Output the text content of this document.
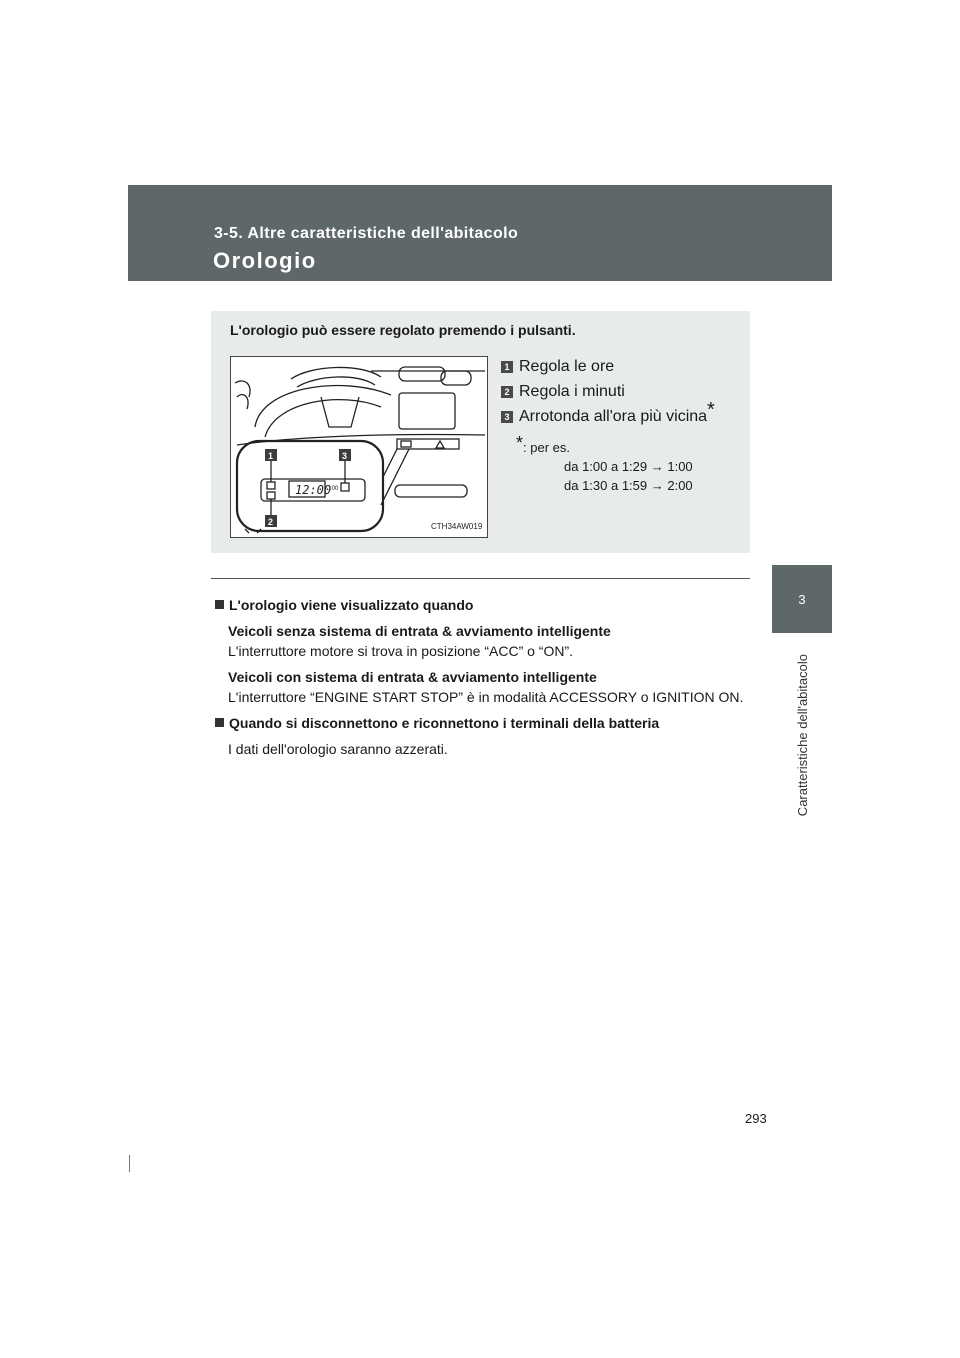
3-5. Altre caratteristiche dell'abitacolo
Orologio
3
Caratteristiche dell'abitacolo
L'orologio può essere regolato premendo i pulsanti.
12:00
:00
1	3
2	CTH34AW019
1 Regola le ore
2 Regola i minuti
3 Arrotonda all'ora più vicina *
*: per es.
da 1:00 a 1:29 → 1:00
da 1:30 a 1:59 → 2:00
L'orologio viene visualizzato quando
Veicoli senza sistema di entrata & avviamento intelligente
L'interruttore motore si trova in posizione “ACC” o “ON”.
Veicoli con sistema di entrata & avviamento intelligente
L'interruttore “ENGINE START STOP” è in modalità ACCESSORY o IGNITION ON.
Quando si disconnettono e riconnettono i terminali della batteria
I dati dell'orologio saranno azzerati.
293
